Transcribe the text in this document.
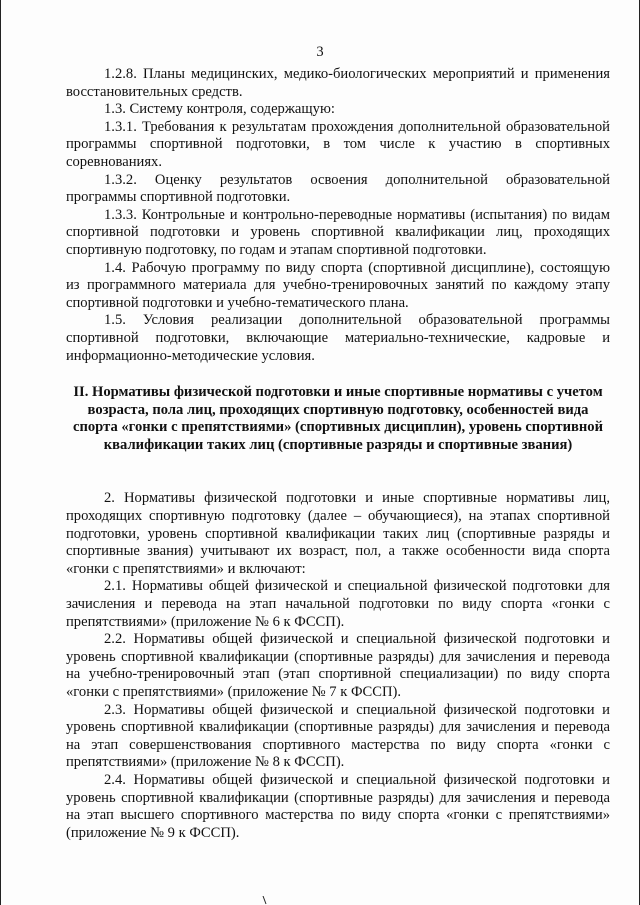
3

1.2.8. Планы медицинских, медико-биологических мероприятий и применения восстановительных средств.

1.3. Систему контроля, содержащую:

1.3.1. Требования к результатам прохождения дополнительной образовательной программы спортивной подготовки, в том числе к участию в спортивных соревнованиях.

1.3.2. Оценку результатов освоения дополнительной образовательной программы спортивной подготовки.

1.3.3. Контрольные и контрольно-переводные нормативы (испытания) по видам спортивной подготовки и уровень спортивной квалификации лиц, проходящих спортивную подготовку, по годам и этапам спортивной подготовки.

1.4. Рабочую программу по виду спорта (спортивной дисциплине), состоящую из программного материала для учебно-тренировочных занятий по каждому этапу спортивной подготовки и учебно-тематического плана.

1.5. Условия реализации дополнительной образовательной программы спортивной подготовки, включающие материально-технические, кадровые и информационно-методические условия.

II. Нормативы физической подготовки и иные спортивные нормативы с учетом возраста, пола лиц, проходящих спортивную подготовку, особенностей вида спорта «гонки с препятствиями» (спортивных дисциплин), уровень спортивной квалификации таких лиц (спортивные разряды и спортивные звания)

2. Нормативы физической подготовки и иные спортивные нормативы лиц, проходящих спортивную подготовку (далее – обучающиеся), на этапах спортивной подготовки, уровень спортивной квалификации таких лиц (спортивные разряды и спортивные звания) учитывают их возраст, пол, а также особенности вида спорта «гонки с препятствиями» и включают:

2.1. Нормативы общей физической и специальной физической подготовки для зачисления и перевода на этап начальной подготовки по виду спорта «гонки с препятствиями» (приложение № 6 к ФССП).

2.2. Нормативы общей физической и специальной физической подготовки и уровень спортивной квалификации (спортивные разряды) для зачисления и перевода на учебно-тренировочный этап (этап спортивной специализации) по виду спорта «гонки с препятствиями» (приложение № 7 к ФССП).

2.3. Нормативы общей физической и специальной физической подготовки и уровень спортивной квалификации (спортивные разряды) для зачисления и перевода на этап совершенствования спортивного мастерства по виду спорта «гонки с препятствиями» (приложение № 8 к ФССП).

2.4. Нормативы общей физической и специальной физической подготовки и уровень спортивной квалификации (спортивные разряды) для зачисления и перевода на этап высшего спортивного мастерства по виду спорта «гонки с препятствиями» (приложение № 9 к ФССП).
